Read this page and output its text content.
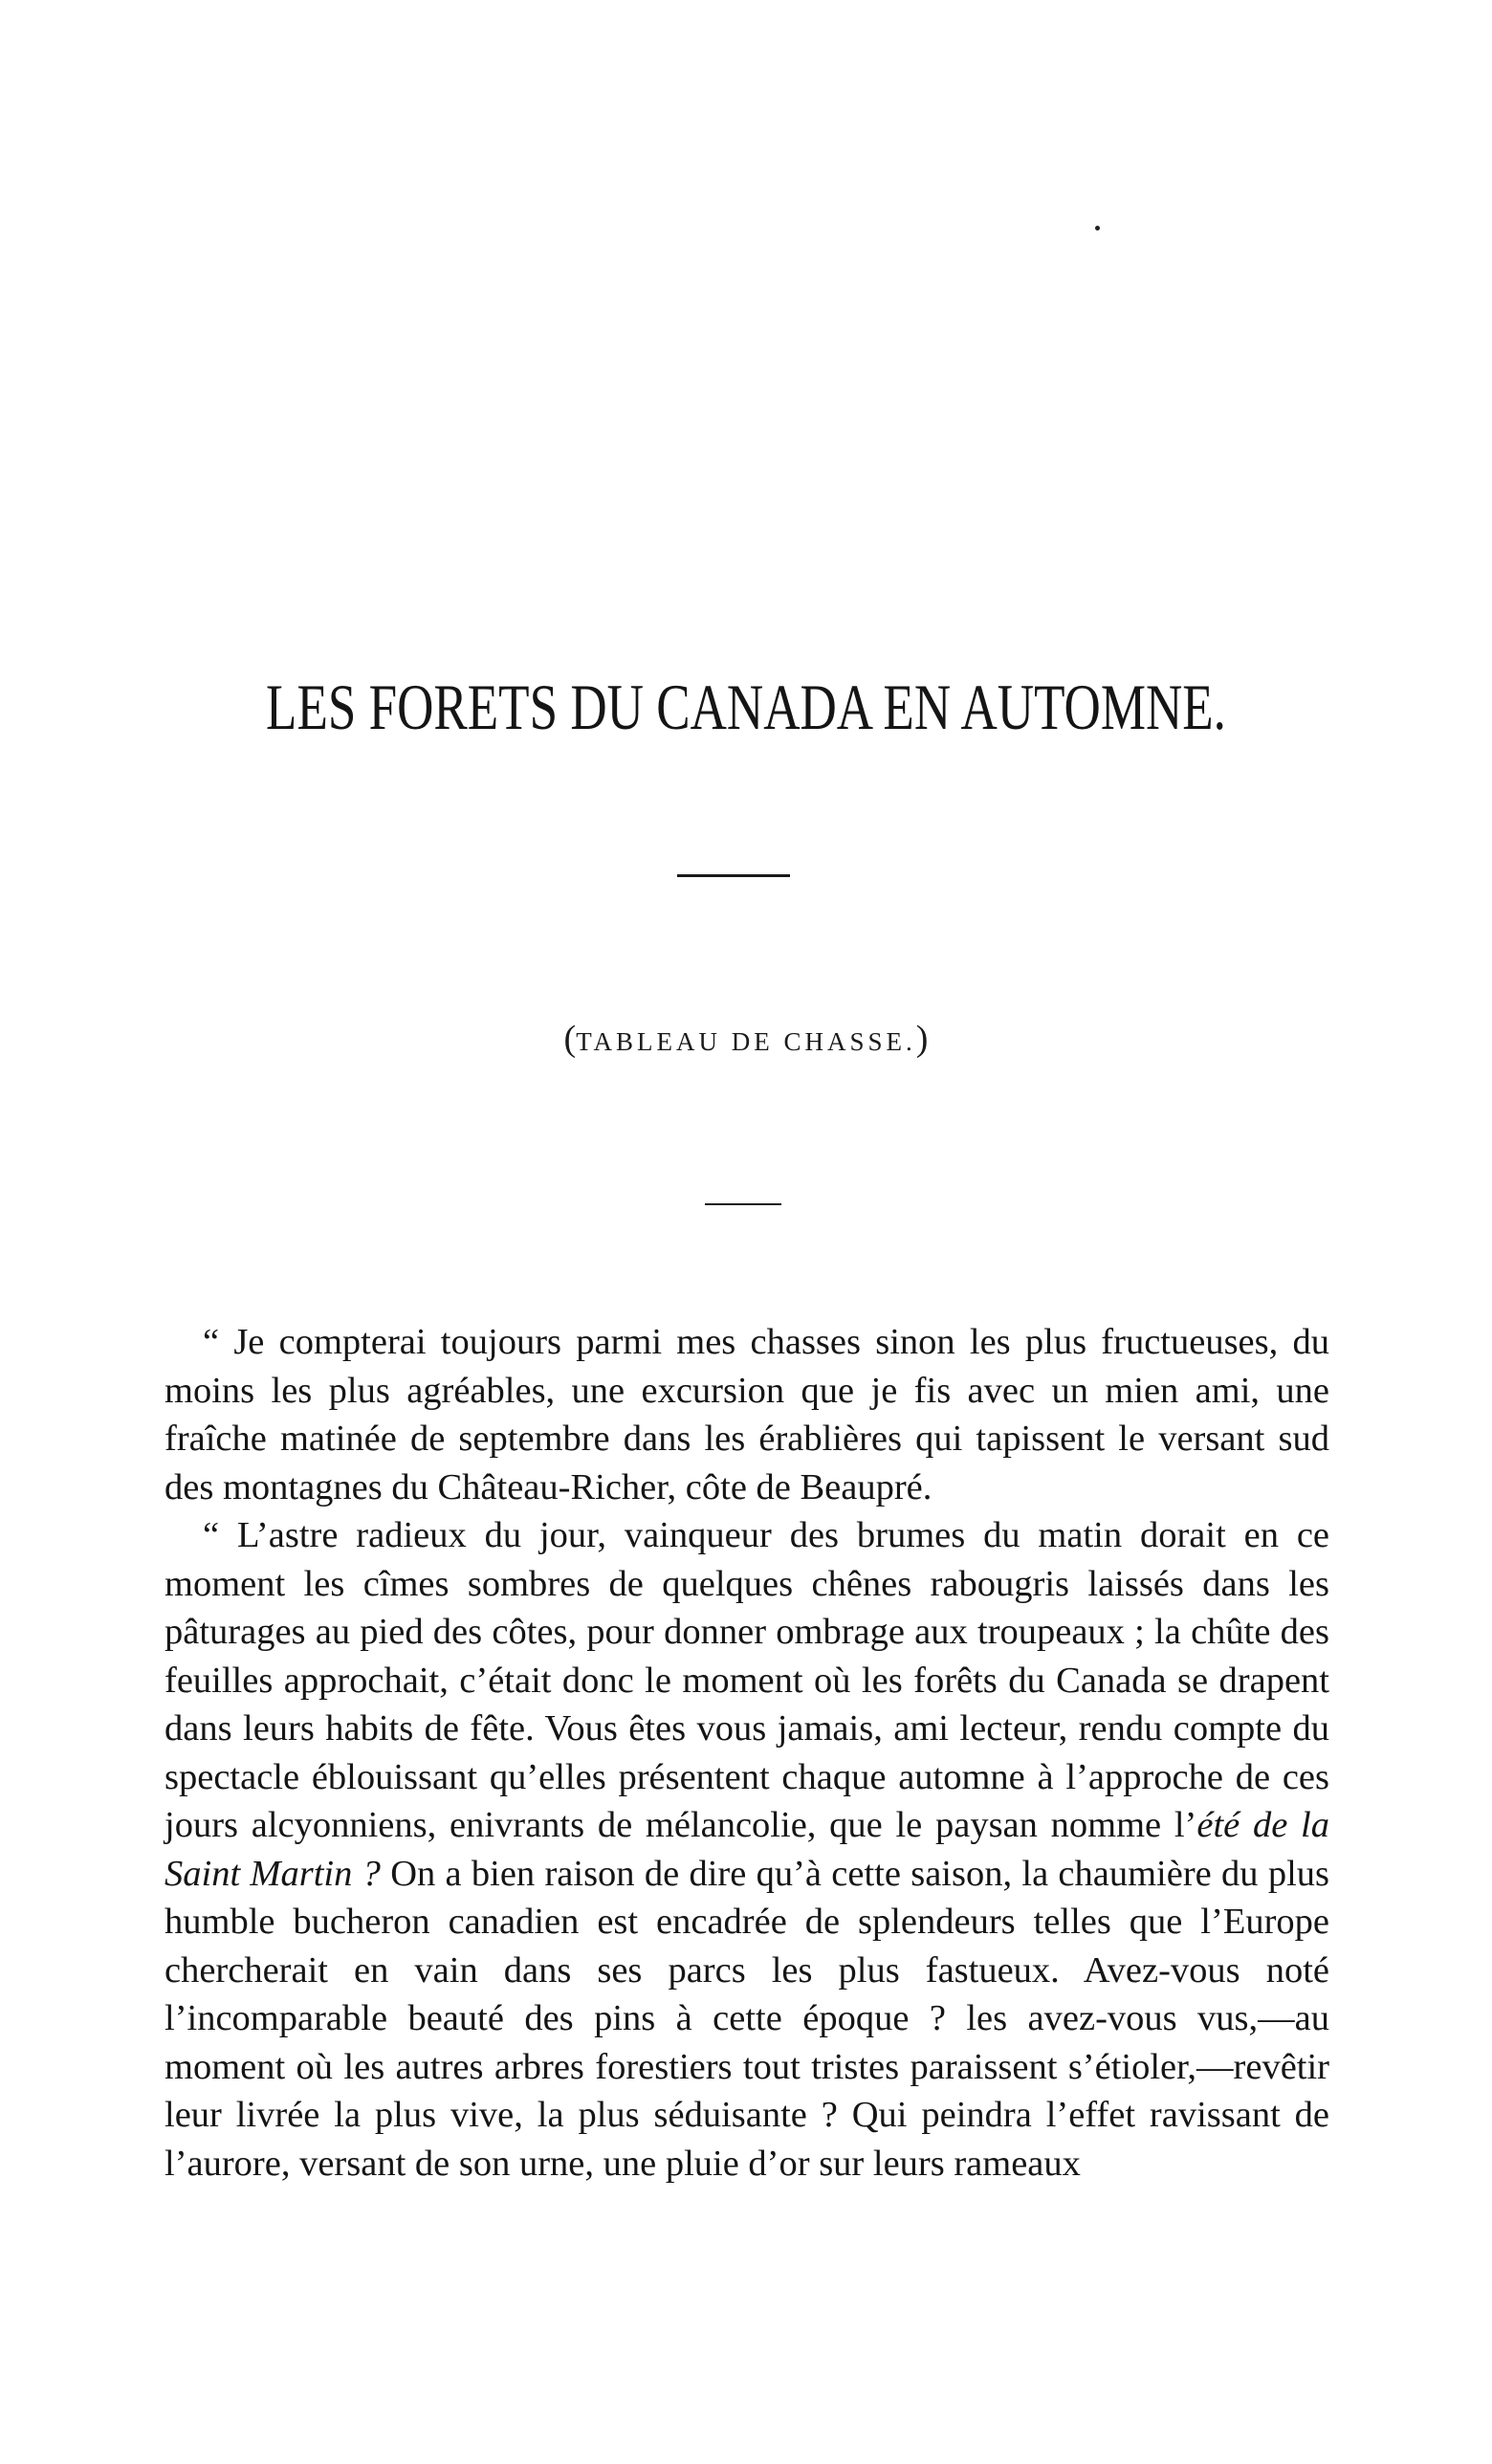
LES FORETS DU CANADA EN AUTOMNE.
(TABLEAU DE CHASSE.)

“ Je compterai toujours parmi mes chasses sinon les plus fructueuses, du moins les plus agréables, une excursion que je fis avec un mien ami, une fraîche matinée de septembre dans les érablières qui tapissent le versant sud des montagnes du Château-Richer, côte de Beaupré.

“ L’astre radieux du jour, vainqueur des brumes du matin dorait en ce moment les cîmes sombres de quelques chênes rabougris laissés dans les pâturages au pied des côtes, pour donner ombrage aux troupeaux ; la chûte des feuilles approchait, c’était donc le moment où les forêts du Canada se drapent dans leurs habits de fête. Vous êtes vous jamais, ami lecteur, rendu compte du spectacle éblouissant qu’elles présentent chaque automne à l’approche de ces jours alcyonniens, enivrants de mélancolie, que le paysan nomme l’été de la Saint Martin ? On a bien raison de dire qu’à cette saison, la chaumière du plus humble bucheron canadien est encadrée de splendeurs telles que l’Europe chercherait en vain dans ses parcs les plus fastueux. Avez-vous noté l’incomparable beauté des pins à cette époque ? les avez-vous vus,—au moment où les autres arbres forestiers tout tristes paraissent s’étioler,—revêtir leur livrée la plus vive, la plus séduisante ? Qui peindra l’effet ravissant de l’aurore, versant de son urne, une pluie d’or sur leurs rameaux
